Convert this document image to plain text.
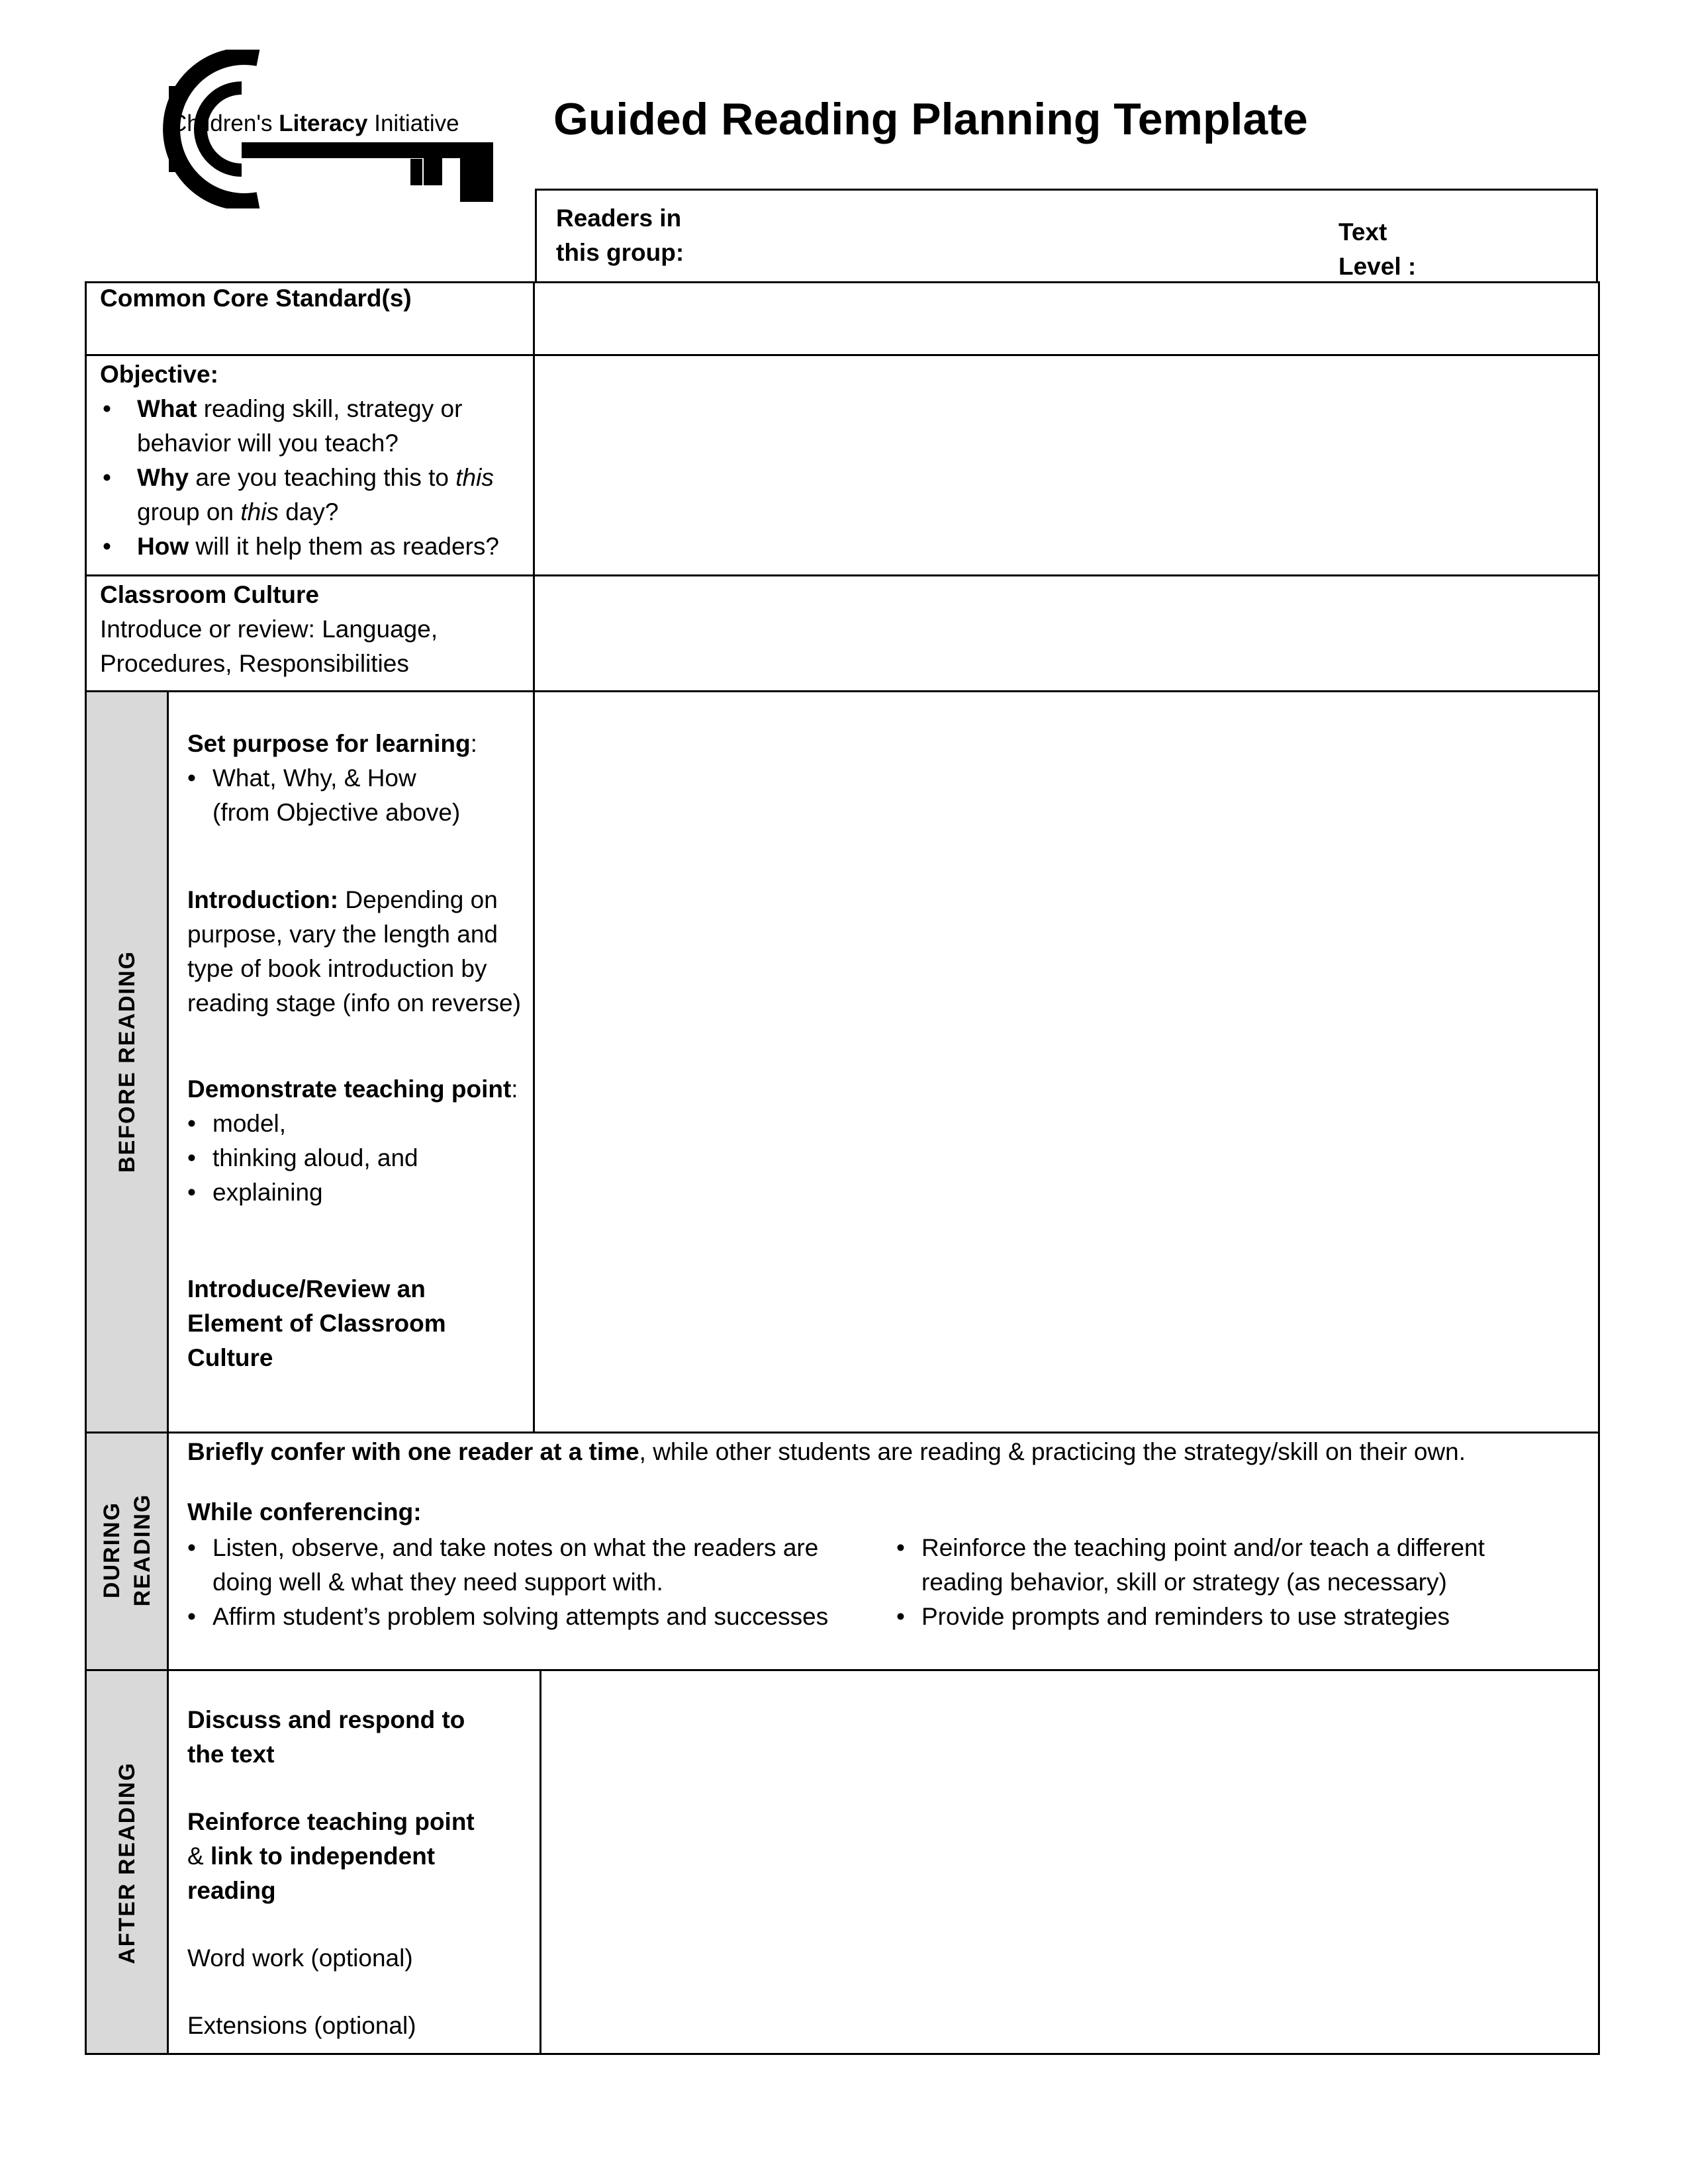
Children's Literacy Initiative Guided Reading Planning Template
Readers in
this group:
Text
Level :
BEFORE READING
DURING READING
AFTER READING
Common Core Standard(s)
Objective:
• What reading skill, strategy or
behavior will you teach?
• Why are you teaching this to this
group on this day?
• How will it help them as readers?
Classroom Culture
Introduce or review: Language,
Procedures, Responsibilities
Set purpose for learning:
• What, Why, & How
(from Objective above)
Introduction: Depending on
purpose, vary the length and
type of book introduction by
reading stage (info on reverse)
Demonstrate teaching point:
• model,
• thinking aloud, and
• explaining
Introduce/Review an
Element of Classroom
Culture
Briefly confer with one reader at a time, while other students are reading & practicing the strategy/skill on their own.
While conferencing:
• Listen, observe, and take notes on what the readers are
doing well & what they need support with.
• Affirm student’s problem solving attempts and successes
• Reinforce the teaching point and/or teach a different
reading behavior, skill or strategy (as necessary)
• Provide prompts and reminders to use strategies
Discuss and respond to
the text
Reinforce teaching point
& link to independent
reading
Word work (optional)
Extensions (optional)
